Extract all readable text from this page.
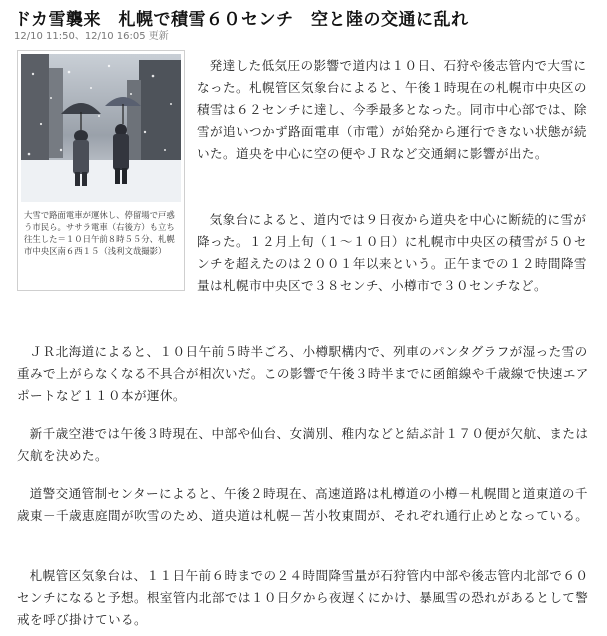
ドカ雪襲来　札幌で積雪６０センチ　空と陸の交通に乱れ
12/10 11:50、12/10 16:05 更新

大雪で路面電車が運休し、停留場で戸惑う市民ら。ササラ電車（右後方）も立ち往生した＝１０日午前８時５５分、札幌市中央区南６西１５（浅利文哉撮影）

発達した低気圧の影響で道内は１０日、石狩や後志管内で大雪になった。札幌管区気象台によると、午後１時現在の札幌市中央区の積雪は６２センチに達し、今季最多となった。同市中心部では、除雪が追いつかず路面電車（市電）が始発から運行できない状態が続いた。道央を中心に空の便やＪＲなど交通網に影響が出た。

気象台によると、道内では９日夜から道央を中心に断続的に雪が降った。１２月上旬（１～１０日）に札幌市中央区の積雪が５０センチを超えたのは２００１年以来という。正午までの１２時間降雪量は札幌市中央区で３８センチ、小樽市で３０センチなど。

ＪＲ北海道によると、１０日午前５時半ごろ、小樽駅構内で、列車のパンタグラフが湿った雪の重みで上がらなくなる不具合が相次いだ。この影響で午後３時半までに函館線や千歳線で快速エアポートなど１１０本が運休。

新千歳空港では午後３時現在、中部や仙台、女満別、稚内などと結ぶ計１７０便が欠航、または欠航を決めた。

道警交通管制センターによると、午後２時現在、高速道路は札樽道の小樽－札幌間と道東道の千歳東－千歳恵庭間が吹雪のため、道央道は札幌－苫小牧東間が、それぞれ通行止めとなっている。

札幌管区気象台は、１１日午前６時までの２４時間降雪量が石狩管内中部や後志管内北部で６０センチになると予想。根室管内北部では１０日夕から夜遅くにかけ、暴風雪の恐れがあるとして警戒を呼び掛けている。
